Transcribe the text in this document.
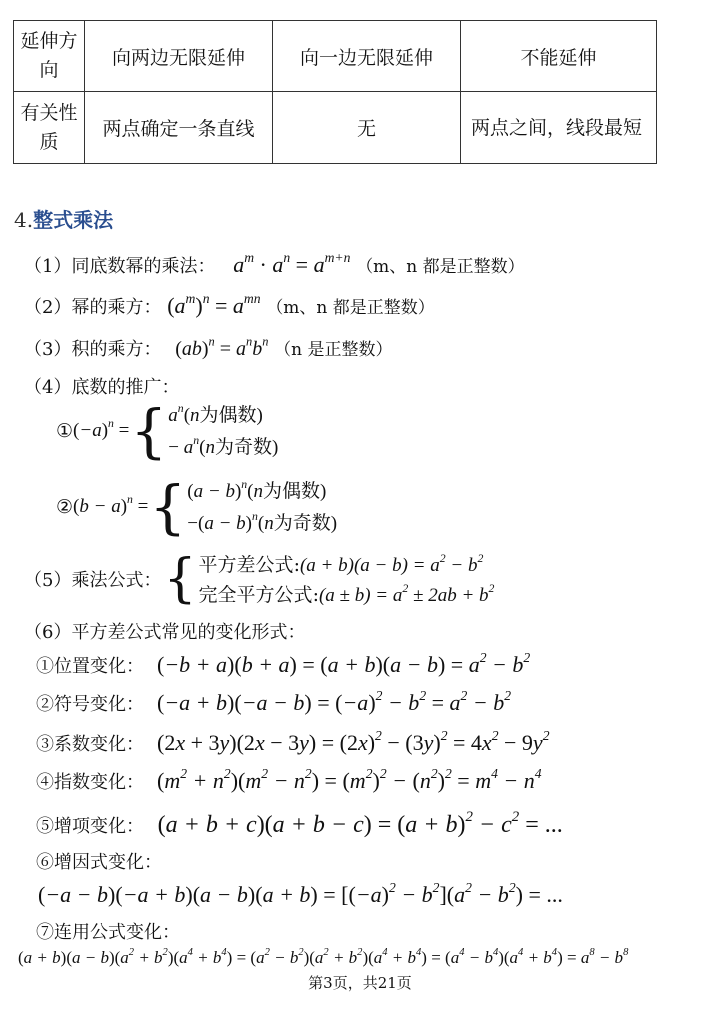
延伸方向	向两边无限延伸	向一边无限延伸	不能延伸
有关性质	两点确定一条直线	无	两点之间，线段最短
4.整式乘法
（1）同底数幂的乘法： $a^m \cdot a^n = a^{m+n}$ （m、n 都是正整数）
（2）幂的乘方： $(a^m)^n = a^{mn}$ （m、n 都是正整数）
（3）积的乘方： $(ab)^n = a^nb^n$ （n 是正整数）
（4）底数的推广：
① $(-a)^n$ = { $a^n(n$为偶数)
− $a^n(n$为奇数)
② $(b - a)^n$ = { $(a - b)^n(n$为偶数)
$-(a - b)^n(n$为奇数)
（5）乘法公式： { 平方差公式:(a + $b)(a - b) = a^2 - b^2$
完全平方公式:(a ± $b) = a^2 \pm 2ab + b^2$
（6）平方差公式常见的变化形式：
①位置变化： $(-b + a)(b + a) = (a + b)(a - b) = a^2 - b^2$
②符号变化： $(-a + b)(-a - b) = (-a)^2 - b^2 = a^2 - b^2$
③系数变化： $(2x + 3y)(2x - 3y) = (2x)^2 - (3y)^2 = 4x^2 - 9y^2$
④指数变化： $(m^2 + n^2)(m^2 - n^2) = (m^2)^2 - (n^2)^2 = m^4 - n^4$
⑤增项变化： $(a + b + c)(a + b - c) = (a + b)^2 - c^2$ = ...
⑥增因式变化：
$(-a - b)(-a + b)(a - b)(a + b) = [(-a)^2 - b^2](a^2 - b^2)$ = ...
⑦连用公式变化：
$(a + b)(a - b)(a^2 + b^2)(a^4 + b^4) = (a^2 - b^2)(a^2 + b^2)(a^4 + b^4) = (a^4 - b^4)(a^4 + b^4) = a^8 - b^8$
第3页，共21页
